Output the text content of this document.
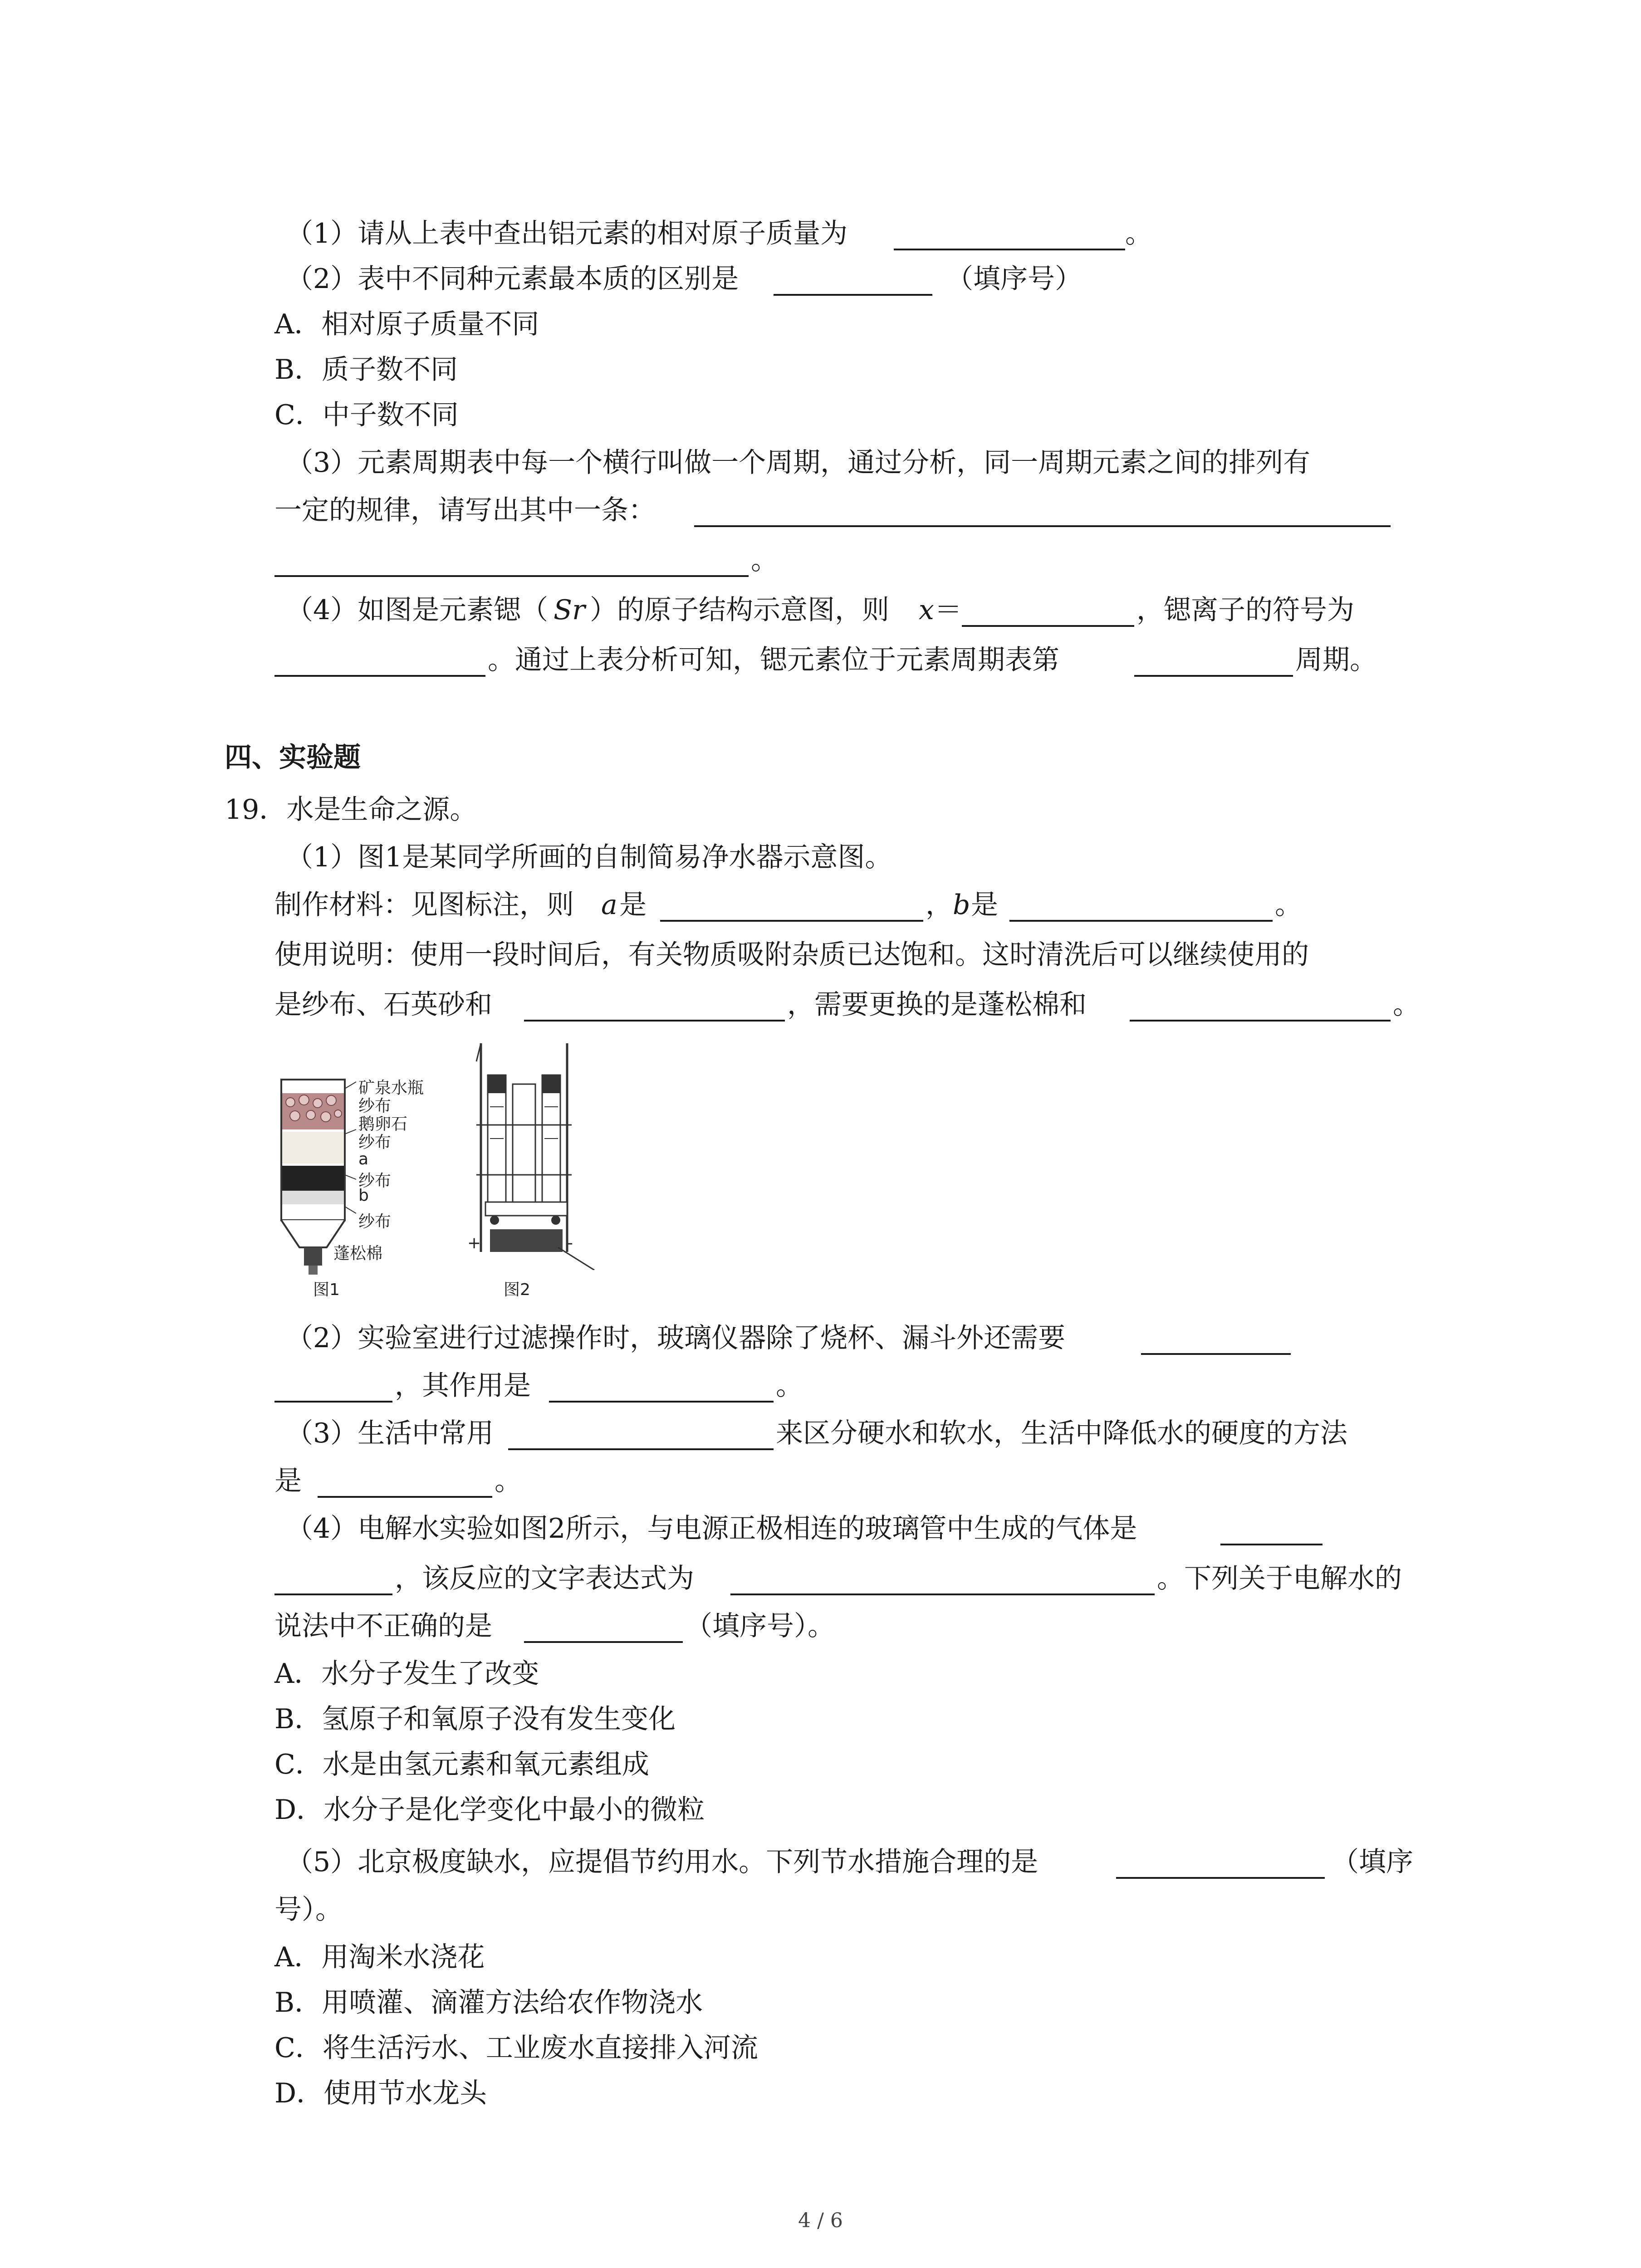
（1）请从上表中查出铝元素的相对原子质量为	。
（2）表中不同种元素最本质的区别是	（填序号）
A．相对原子质量不同
B．质子数不同
C．中子数不同
（3）元素周期表中每一个横行叫做一个周期，通过分析，同一周期元素之间的排列有
一定的规律，请写出其中一条：
。
（4）如图是元素锶（ Sr ）的原子结构示意图，则 x ＝	，锶离子的符号为
。通过上表分析可知，锶元素位于元素周期表第	周期。
四、实验题
19．水是生命之源。
（1）图1是某同学所画的自制简易净水器示意图。
制作材料：见图标注，则 a 是	， b 是	。
使用说明：使用一段时间后，有关物质吸附杂质已达饱和。这时清洗后可以继续使用的
是纱布、石英砂和	，需要更换的是蓬松棉和	。
矿泉水瓶
纱布
鹅卵石
纱布
a
纱布
b
纱布
蓬松棉
图1
+	-
图2
（2）实验室进行过滤操作时，玻璃仪器除了烧杯、漏斗外还需要
，其作用是	。
（3）生活中常用	来区分硬水和软水，生活中降低水的硬度的方法
是	。
（4）电解水实验如图2所示，与电源正极相连的玻璃管中生成的气体是
，该反应的文字表达式为	。下列关于电解水的
说法中不正确的是	（填序号）。
A．水分子发生了改变
B．氢原子和氧原子没有发生变化
C．水是由氢元素和氧元素组成
D．水分子是化学变化中最小的微粒
（5）北京极度缺水，应提倡节约用水。下列节水措施合理的是	（填序
号）。
A．用淘米水浇花
B．用喷灌、滴灌方法给农作物浇水
C．将生活污水、工业废水直接排入河流
D．使用节水龙头
4 / 6
